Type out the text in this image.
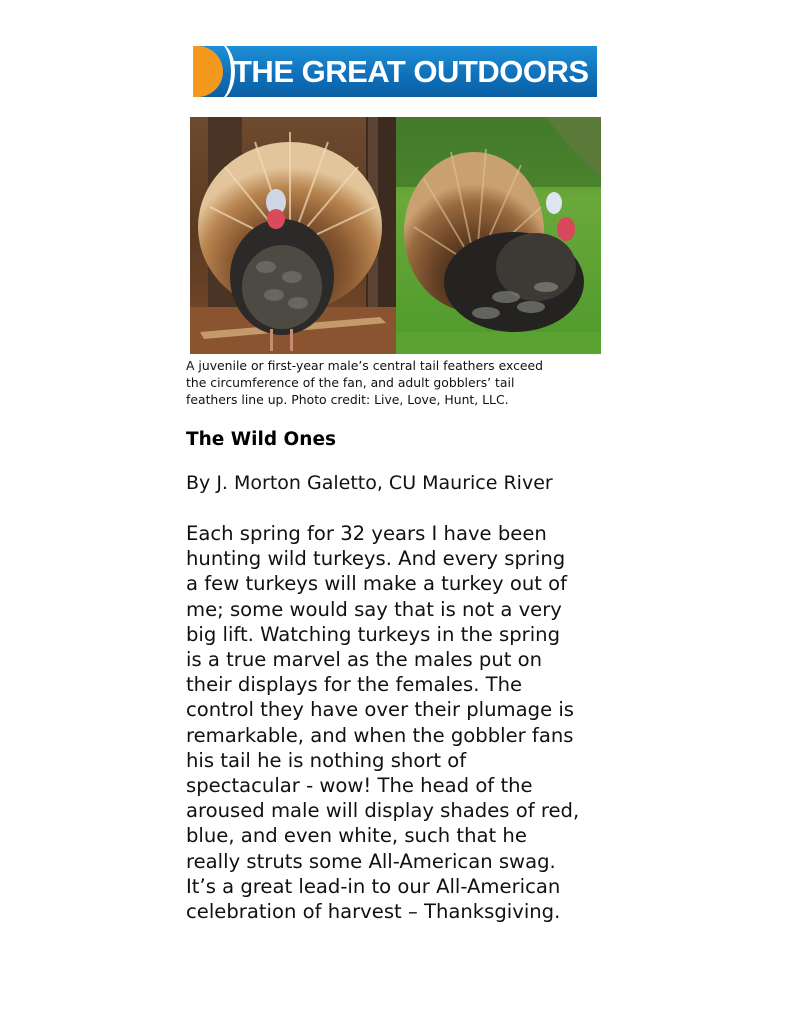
THE GREAT OUTDOORS
A juvenile or first-year male’s central tail feathers exceed
the circumference of the fan, and adult gobblers’ tail
feathers line up. Photo credit: Live, Love, Hunt, LLC.
The Wild Ones
By J. Morton Galetto, CU Maurice River
Each spring for 32 years I have been
hunting wild turkeys. And every spring
a few turkeys will make a turkey out of
me; some would say that is not a very
big lift. Watching turkeys in the spring
is a true marvel as the males put on
their displays for the females. The
control they have over their plumage is
remarkable, and when the gobbler fans
his tail he is nothing short of
spectacular - wow! The head of the
aroused male will display shades of red,
blue, and even white, such that he
really struts some All-American swag.
It’s a great lead-in to our All-American
celebration of harvest – Thanksgiving.
